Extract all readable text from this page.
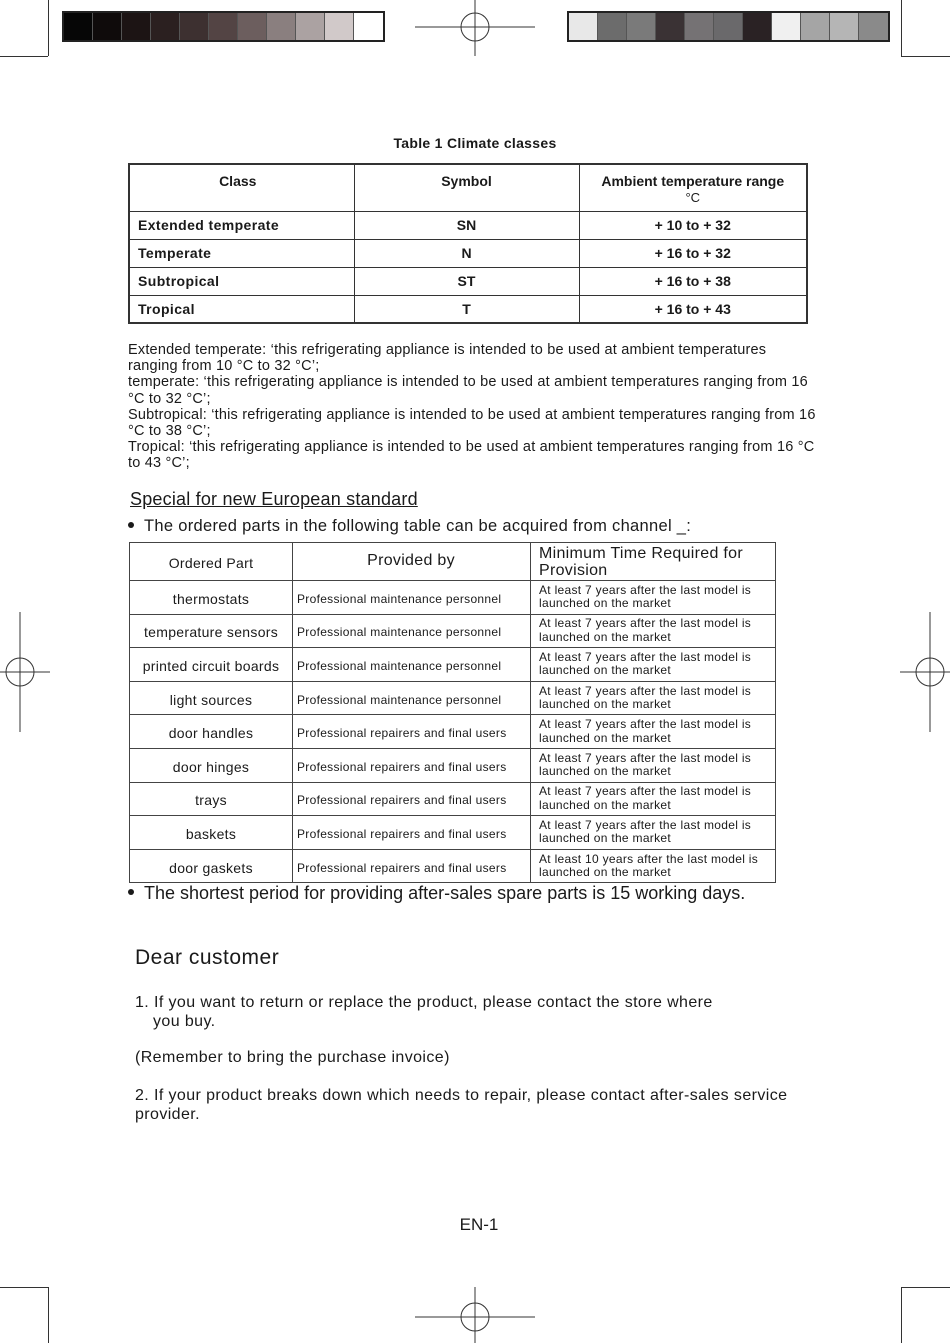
Table 1 Climate classes
Class	Symbol	Ambient temperature range
°C

Extended temperate	SN	+ 10 to + 32
Temperate	N	+ 16 to + 32
Subtropical	ST	+ 16 to + 38
Tropical	T	+ 16 to + 43

Extended temperate: ‘this refrigerating appliance is intended to be used at ambient temperatures ranging from 10 °C to 32 °C’;

temperate: ‘this refrigerating appliance is intended to be used at ambient temperatures ranging from 16 °C to 32 °C’;

Subtropical: ‘this refrigerating appliance is intended to be used at ambient temperatures ranging from 16 °C to 38 °C’;

Tropical: ‘this refrigerating appliance is intended to be used at ambient temperatures ranging from 16 °C to 43 °C’;

Special for new European standard
The ordered parts in the following table can be acquired from channel _:
Ordered Part	Provided by	Minimum Time Required for Provision
thermostats	Professional maintenance personnel	At least 7 years after the last model is launched on the market
temperature sensors	Professional maintenance personnel	At least 7 years after the last model is launched on the market
printed circuit boards	Professional maintenance personnel	At least 7 years after the last model is launched on the market
light sources	Professional maintenance personnel	At least 7 years after the last model is launched on the market
door handles	Professional repairers and final users	At least 7 years after the last model is launched on the market
door hinges	Professional repairers and final users	At least 7 years after the last model is launched on the market
trays	Professional repairers and final users	At least 7 years after the last model is launched on the market
baskets	Professional repairers and final users	At least 7 years after the last model is launched on the market
door gaskets	Professional repairers and final users	At least 10 years after the last model is launched on the market
The shortest period for providing after-sales spare parts is 15 working days.
Dear customer
1. If you want to return or replace the product, please contact the store where
you buy.
(Remember to bring the purchase invoice)
2. If your product breaks down which needs to repair, please contact after-sales service provider.
EN-1
